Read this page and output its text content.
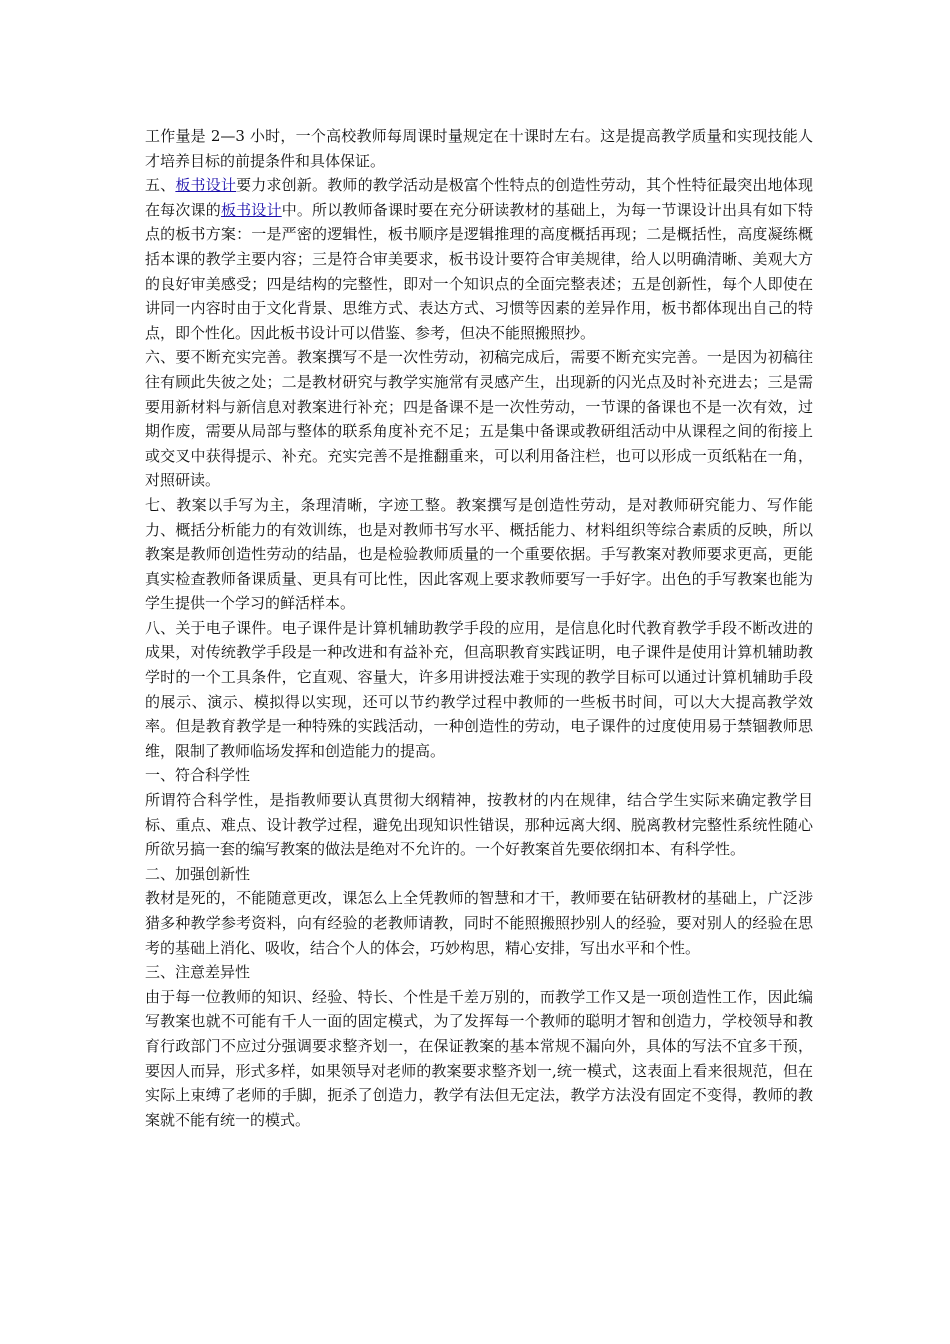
工作量是 2—3 小时，一个高校教师每周课时量规定在十课时左右。这是提高教学质量和实现技能人才培养目标的前提条件和具体保证。

五、板书设计要力求创新。教师的教学活动是极富个性特点的创造性劳动，其个性特征最突出地体现在每次课的板书设计中。所以教师备课时要在充分研读教材的基础上，为每一节课设计出具有如下特点的板书方案：一是严密的逻辑性，板书顺序是逻辑推理的高度概括再现；二是概括性，高度凝练概括本课的教学主要内容；三是符合审美要求，板书设计要符合审美规律，给人以明确清晰、美观大方的良好审美感受；四是结构的完整性，即对一个知识点的全面完整表述；五是创新性，每个人即使在讲同一内容时由于文化背景、思维方式、表达方式、习惯等因素的差异作用，板书都体现出自己的特点，即个性化。因此板书设计可以借鉴、参考，但决不能照搬照抄。

六、要不断充实完善。教案撰写不是一次性劳动，初稿完成后，需要不断充实完善。一是因为初稿往往有顾此失彼之处；二是教材研究与教学实施常有灵感产生，出现新的闪光点及时补充进去；三是需要用新材料与新信息对教案进行补充；四是备课不是一次性劳动，一节课的备课也不是一次有效，过期作废，需要从局部与整体的联系角度补充不足；五是集中备课或教研组活动中从课程之间的衔接上或交叉中获得提示、补充。充实完善不是推翻重来，可以利用备注栏，也可以形成一页纸粘在一角，对照研读。

七、教案以手写为主，条理清晰，字迹工整。教案撰写是创造性劳动，是对教师研究能力、写作能力、概括分析能力的有效训练，也是对教师书写水平、概括能力、材料组织等综合素质的反映，所以教案是教师创造性劳动的结晶，也是检验教师质量的一个重要依据。手写教案对教师要求更高，更能真实检查教师备课质量、更具有可比性，因此客观上要求教师要写一手好字。出色的手写教案也能为学生提供一个学习的鲜活样本。

八、关于电子课件。电子课件是计算机辅助教学手段的应用，是信息化时代教育教学手段不断改进的成果，对传统教学手段是一种改进和有益补充，但高职教育实践证明，电子课件是使用计算机辅助教学时的一个工具条件，它直观、容量大，许多用讲授法难于实现的教学目标可以通过计算机辅助手段的展示、演示、模拟得以实现，还可以节约教学过程中教师的一些板书时间，可以大大提高教学效率。但是教育教学是一种特殊的实践活动，一种创造性的劳动，电子课件的过度使用易于禁锢教师思维，限制了教师临场发挥和创造能力的提高。

一、符合科学性

所谓符合科学性，是指教师要认真贯彻大纲精神，按教材的内在规律，结合学生实际来确定教学目标、重点、难点、设计教学过程，避免出现知识性错误，那种远离大纲、脱离教材完整性系统性随心所欲另搞一套的编写教案的做法是绝对不允许的。一个好教案首先要依纲扣本、有科学性。

二、加强创新性

教材是死的，不能随意更改，课怎么上全凭教师的智慧和才干，教师要在钻研教材的基础上，广泛涉猎多种教学参考资料，向有经验的老教师请教，同时不能照搬照抄别人的经验，要对别人的经验在思考的基础上消化、吸收，结合个人的体会，巧妙构思，精心安排，写出水平和个性。

三、注意差异性

由于每一位教师的知识、经验、特长、个性是千差万别的，而教学工作又是一项创造性工作，因此编写教案也就不可能有千人一面的固定模式，为了发挥每一个教师的聪明才智和创造力，学校领导和教育行政部门不应过分强调要求整齐划一，在保证教案的基本常规不漏向外，具体的写法不宜多干预，要因人而异，形式多样，如果领导对老师的教案要求整齐划一,统一模式，这表面上看来很规范，但在实际上束缚了老师的手脚，扼杀了创造力，教学有法但无定法，教学方法没有固定不变得，教师的教案就不能有统一的模式。
